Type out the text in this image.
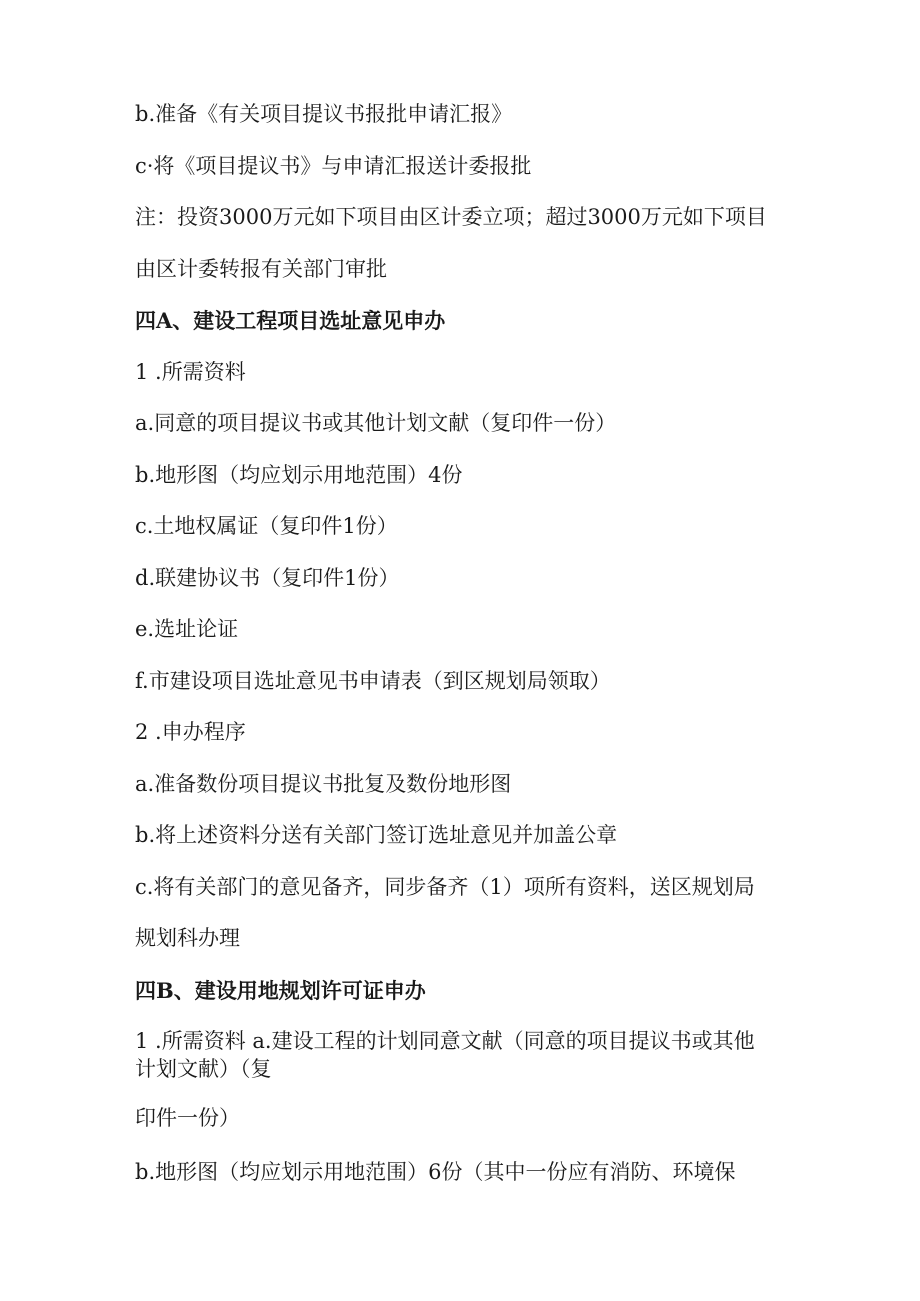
b.准备《有关项目提议书报批申请汇报》
c·将《项目提议书》与申请汇报送计委报批
注：投资3000万元如下项目由区计委立项；超过3000万元如下项目
由区计委转报有关部门审批
四A、建设工程项目选址意见申办
1 .所需资料
a.同意的项目提议书或其他计划文献（复印件一份）
b.地形图（均应划示用地范围）4份
c.土地权属证（复印件1份）
d.联建协议书（复印件1份）
e.选址论证
f.市建设项目选址意见书申请表（到区规划局领取）
2 .申办程序
a.准备数份项目提议书批复及数份地形图
b.将上述资料分送有关部门签订选址意见并加盖公章
c.将有关部门的意见备齐，同步备齐（1）项所有资料，送区规划局
规划科办理
四B、建设用地规划许可证申办
1 .所需资料 a.建设工程的计划同意文献（同意的项目提议书或其他
计划文献）（复
印件一份）
b.地形图（均应划示用地范围）6份（其中一份应有消防、环境保
